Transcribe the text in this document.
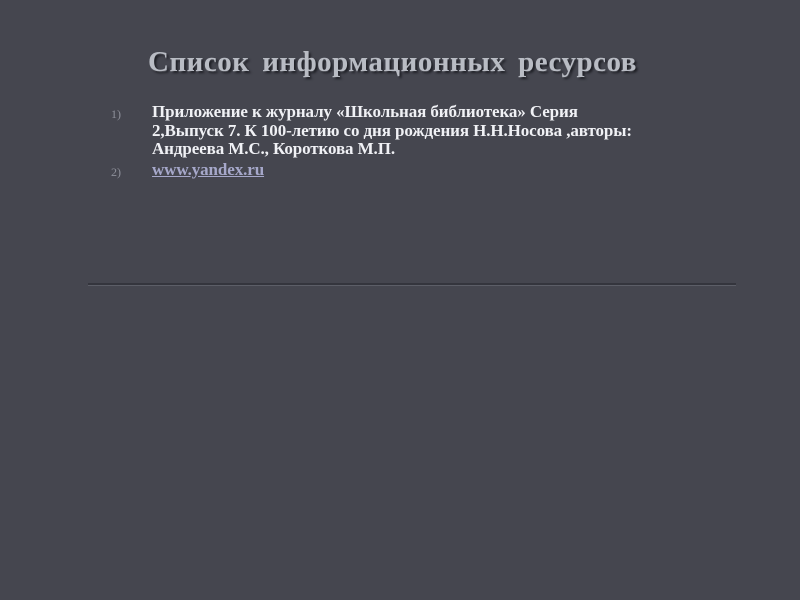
Список информационных ресурсов
1)	Приложение к журналу «Школьная библиотека» Серия 2,Выпуск 7. К 100-летию со дня рождения Н.Н.Носова ,авторы: Андреева М.С., Короткова М.П.
2)	www.yandex.ru
